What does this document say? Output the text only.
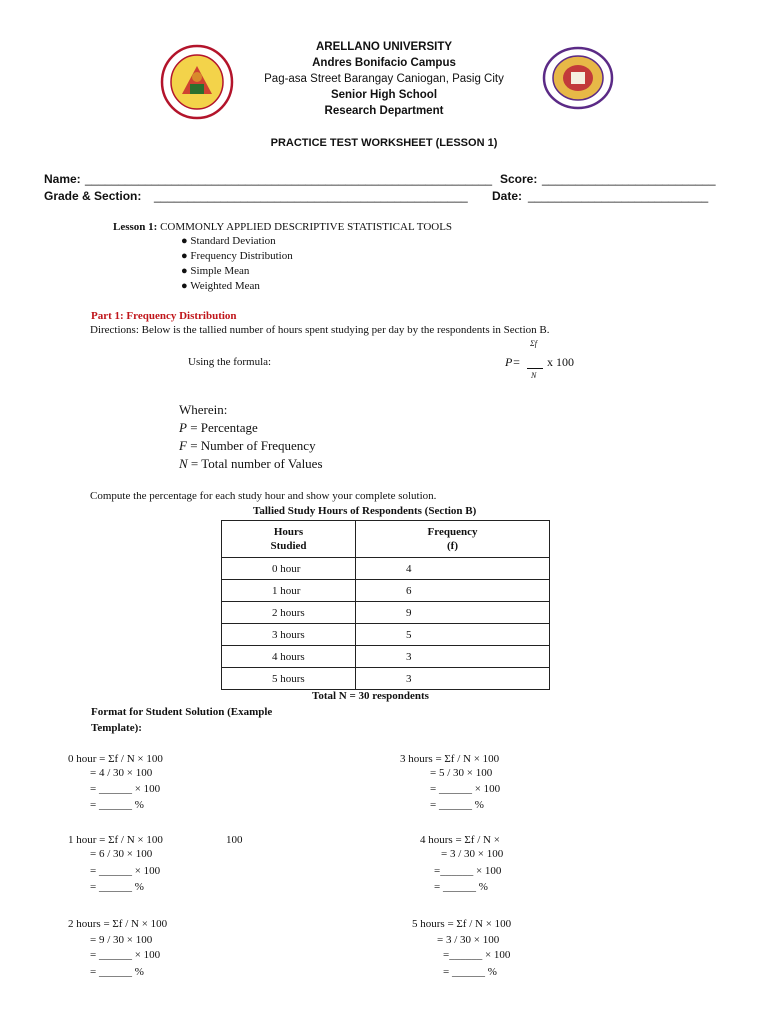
ARELLANO UNIVERSITY
Andres Bonifacio Campus
Pag-asa Street Barangay Caniogan, Pasig City
Senior High School
Research Department
PRACTICE TEST WORKSHEET (LESSON 1)
Name: _____________________________________________________________ Score: __________________________
Grade & Section: _______________________________________________ Date: ___________________________
Lesson 1: COMMONLY APPLIED DESCRIPTIVE STATISTICAL TOOLS
● Standard Deviation
● Frequency Distribution
● Simple Mean
● Weighted Mean
Part 1: Frequency Distribution
Directions: Below is the tallied number of hours spent studying per day by the respondents in Section B.
Using the formula:
Σf
P= x 100
N
Wherein:
P = Percentage
F = Number of Frequency
N = Total number of Values
Compute the percentage for each study hour and show your complete solution.
Tallied Study Hours of Respondents (Section B)
Hours
Studied	Frequency
(f)
0 hour	4
1 hour	6
2 hours	9
3 hours	5
4 hours	3
5 hours	3
Total N = 30 respondents
Format for Student Solution (Example
Template):
0 hour = Σf / N × 100
= 4 / 30 × 100
= ______ × 100
= ______ %
1 hour = Σf / N × 100	100
= 6 / 30 × 100
= ______ × 100
= ______ %
2 hours = Σf / N × 100
= 9 / 30 × 100
= ______ × 100
= ______ %
3 hours = Σf / N × 100
= 5 / 30 × 100
= ______ × 100
= ______ %
4 hours = Σf / N ×
= 3 / 30 × 100
=______ × 100
= ______ %
5 hours = Σf / N × 100
= 3 / 30 × 100
=______ × 100
= ______ %
